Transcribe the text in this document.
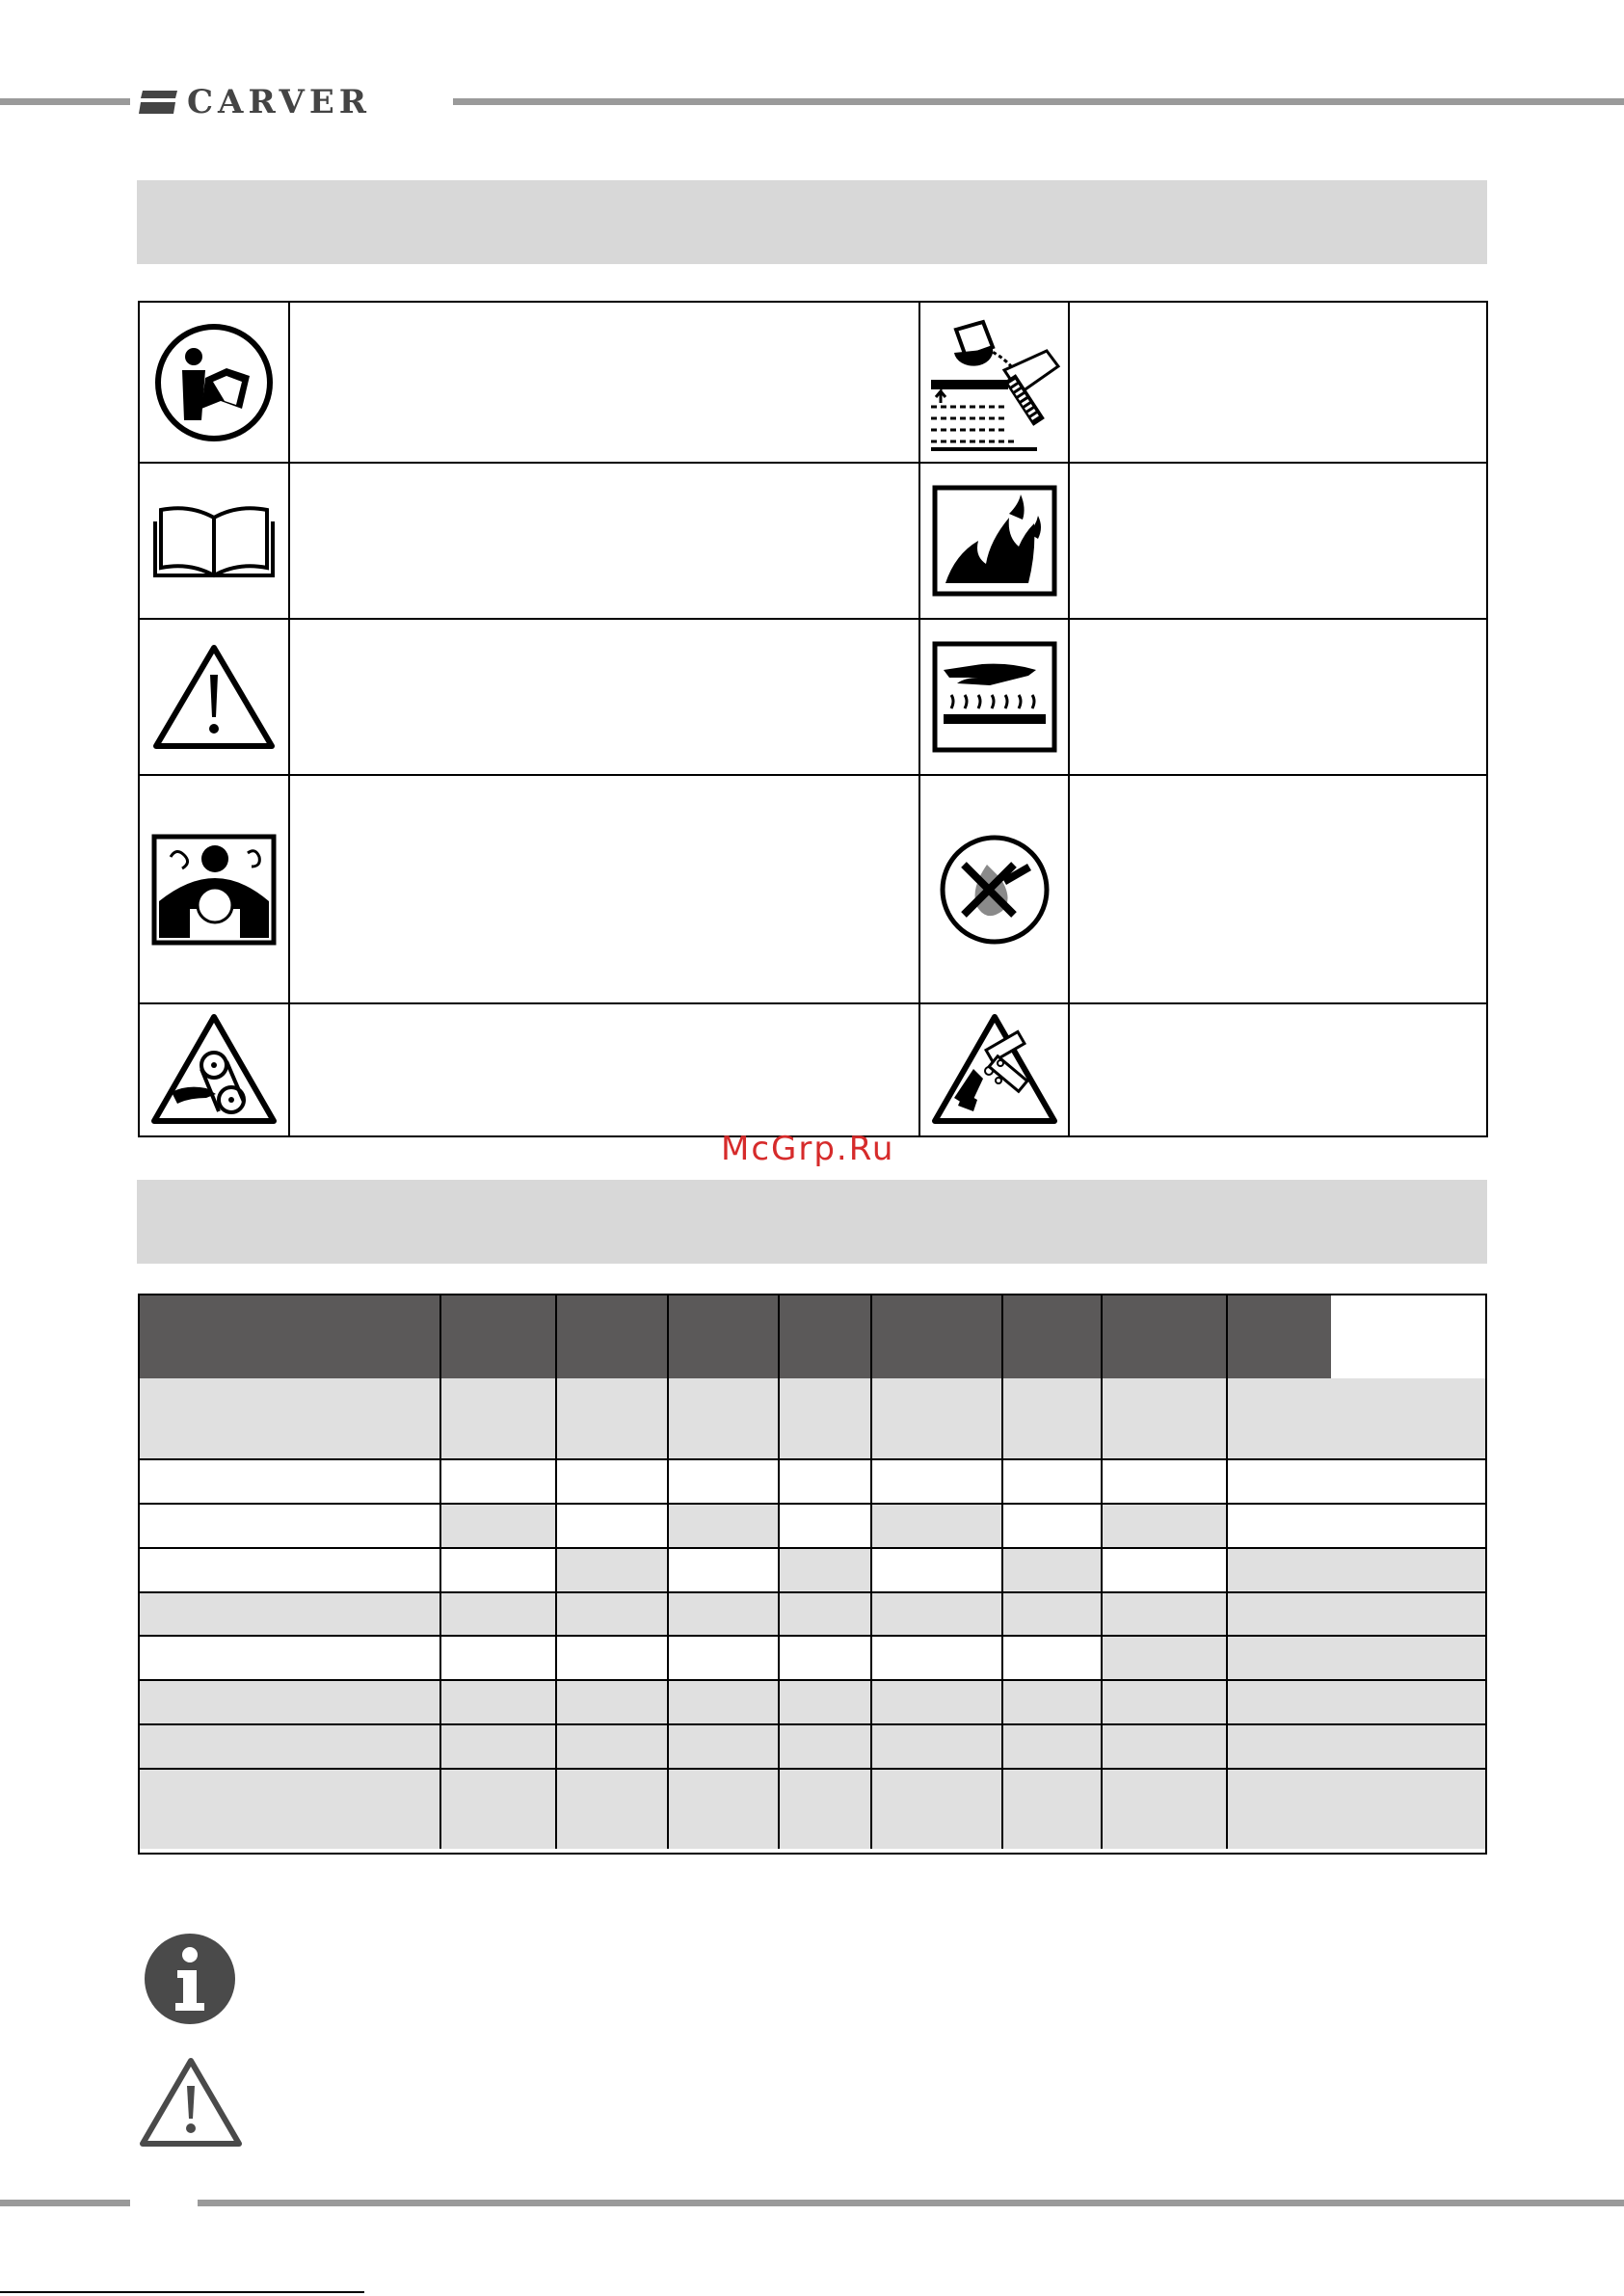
CARVER
McGrp.Ru
